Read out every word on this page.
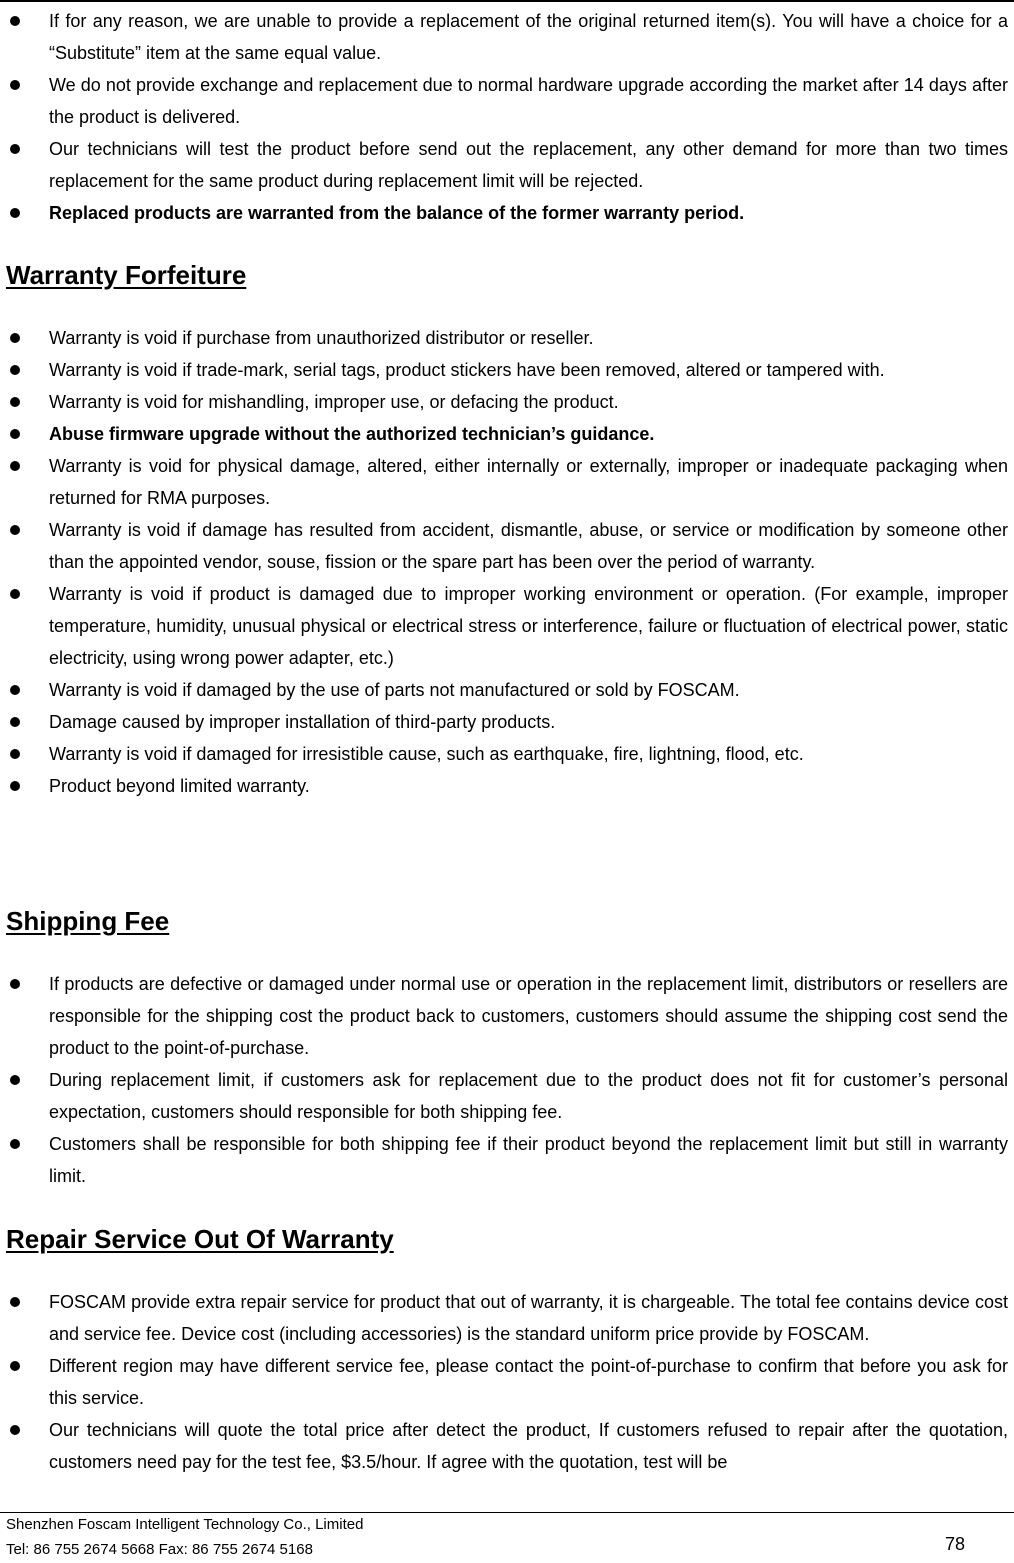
If for any reason, we are unable to provide a replacement of the original returned item(s). You will have a choice for a “Substitute” item at the same equal value.
We do not provide exchange and replacement due to normal hardware upgrade according the market after 14 days after the product is delivered.
Our technicians will test the product before send out the replacement, any other demand for more than two times replacement for the same product during replacement limit will be rejected.
Replaced products are warranted from the balance of the former warranty period.
Warranty Forfeiture
Warranty is void if purchase from unauthorized distributor or reseller.
Warranty is void if trade-mark, serial tags, product stickers have been removed, altered or tampered with.
Warranty is void for mishandling, improper use, or defacing the product.
Abuse firmware upgrade without the authorized technician’s guidance.
Warranty is void for physical damage, altered, either internally or externally, improper or inadequate packaging when returned for RMA purposes.
Warranty is void if damage has resulted from accident, dismantle, abuse, or service or modification by someone other than the appointed vendor, souse, fission or the spare part has been over the period of warranty.
Warranty is void if product is damaged due to improper working environment or operation. (For example, improper temperature, humidity, unusual physical or electrical stress or interference, failure or fluctuation of electrical power, static electricity, using wrong power adapter, etc.)
Warranty is void if damaged by the use of parts not manufactured or sold by FOSCAM.
Damage caused by improper installation of third-party products.
Warranty is void if damaged for irresistible cause, such as earthquake, fire, lightning, flood, etc.
Product beyond limited warranty.
Shipping Fee
If products are defective or damaged under normal use or operation in the replacement limit, distributors or resellers are responsible for the shipping cost the product back to customers, customers should assume the shipping cost send the product to the point-of-purchase.
During replacement limit, if customers ask for replacement due to the product does not fit for customer’s personal expectation, customers should responsible for both shipping fee.
Customers shall be responsible for both shipping fee if their product beyond the replacement limit but still in warranty limit.
Repair Service Out Of Warranty
FOSCAM provide extra repair service for product that out of warranty, it is chargeable. The total fee contains device cost and service fee. Device cost (including accessories) is the standard uniform price provide by FOSCAM.
Different region may have different service fee, please contact the point-of-purchase to confirm that before you ask for this service.
Our technicians will quote the total price after detect the product, If customers refused to repair after the quotation, customers need pay for the test fee, $3.5/hour. If agree with the quotation, test will be
Shenzhen Foscam Intelligent Technology Co., Limited
Tel: 86 755 2674 5668 Fax: 86 755 2674 5168	78
